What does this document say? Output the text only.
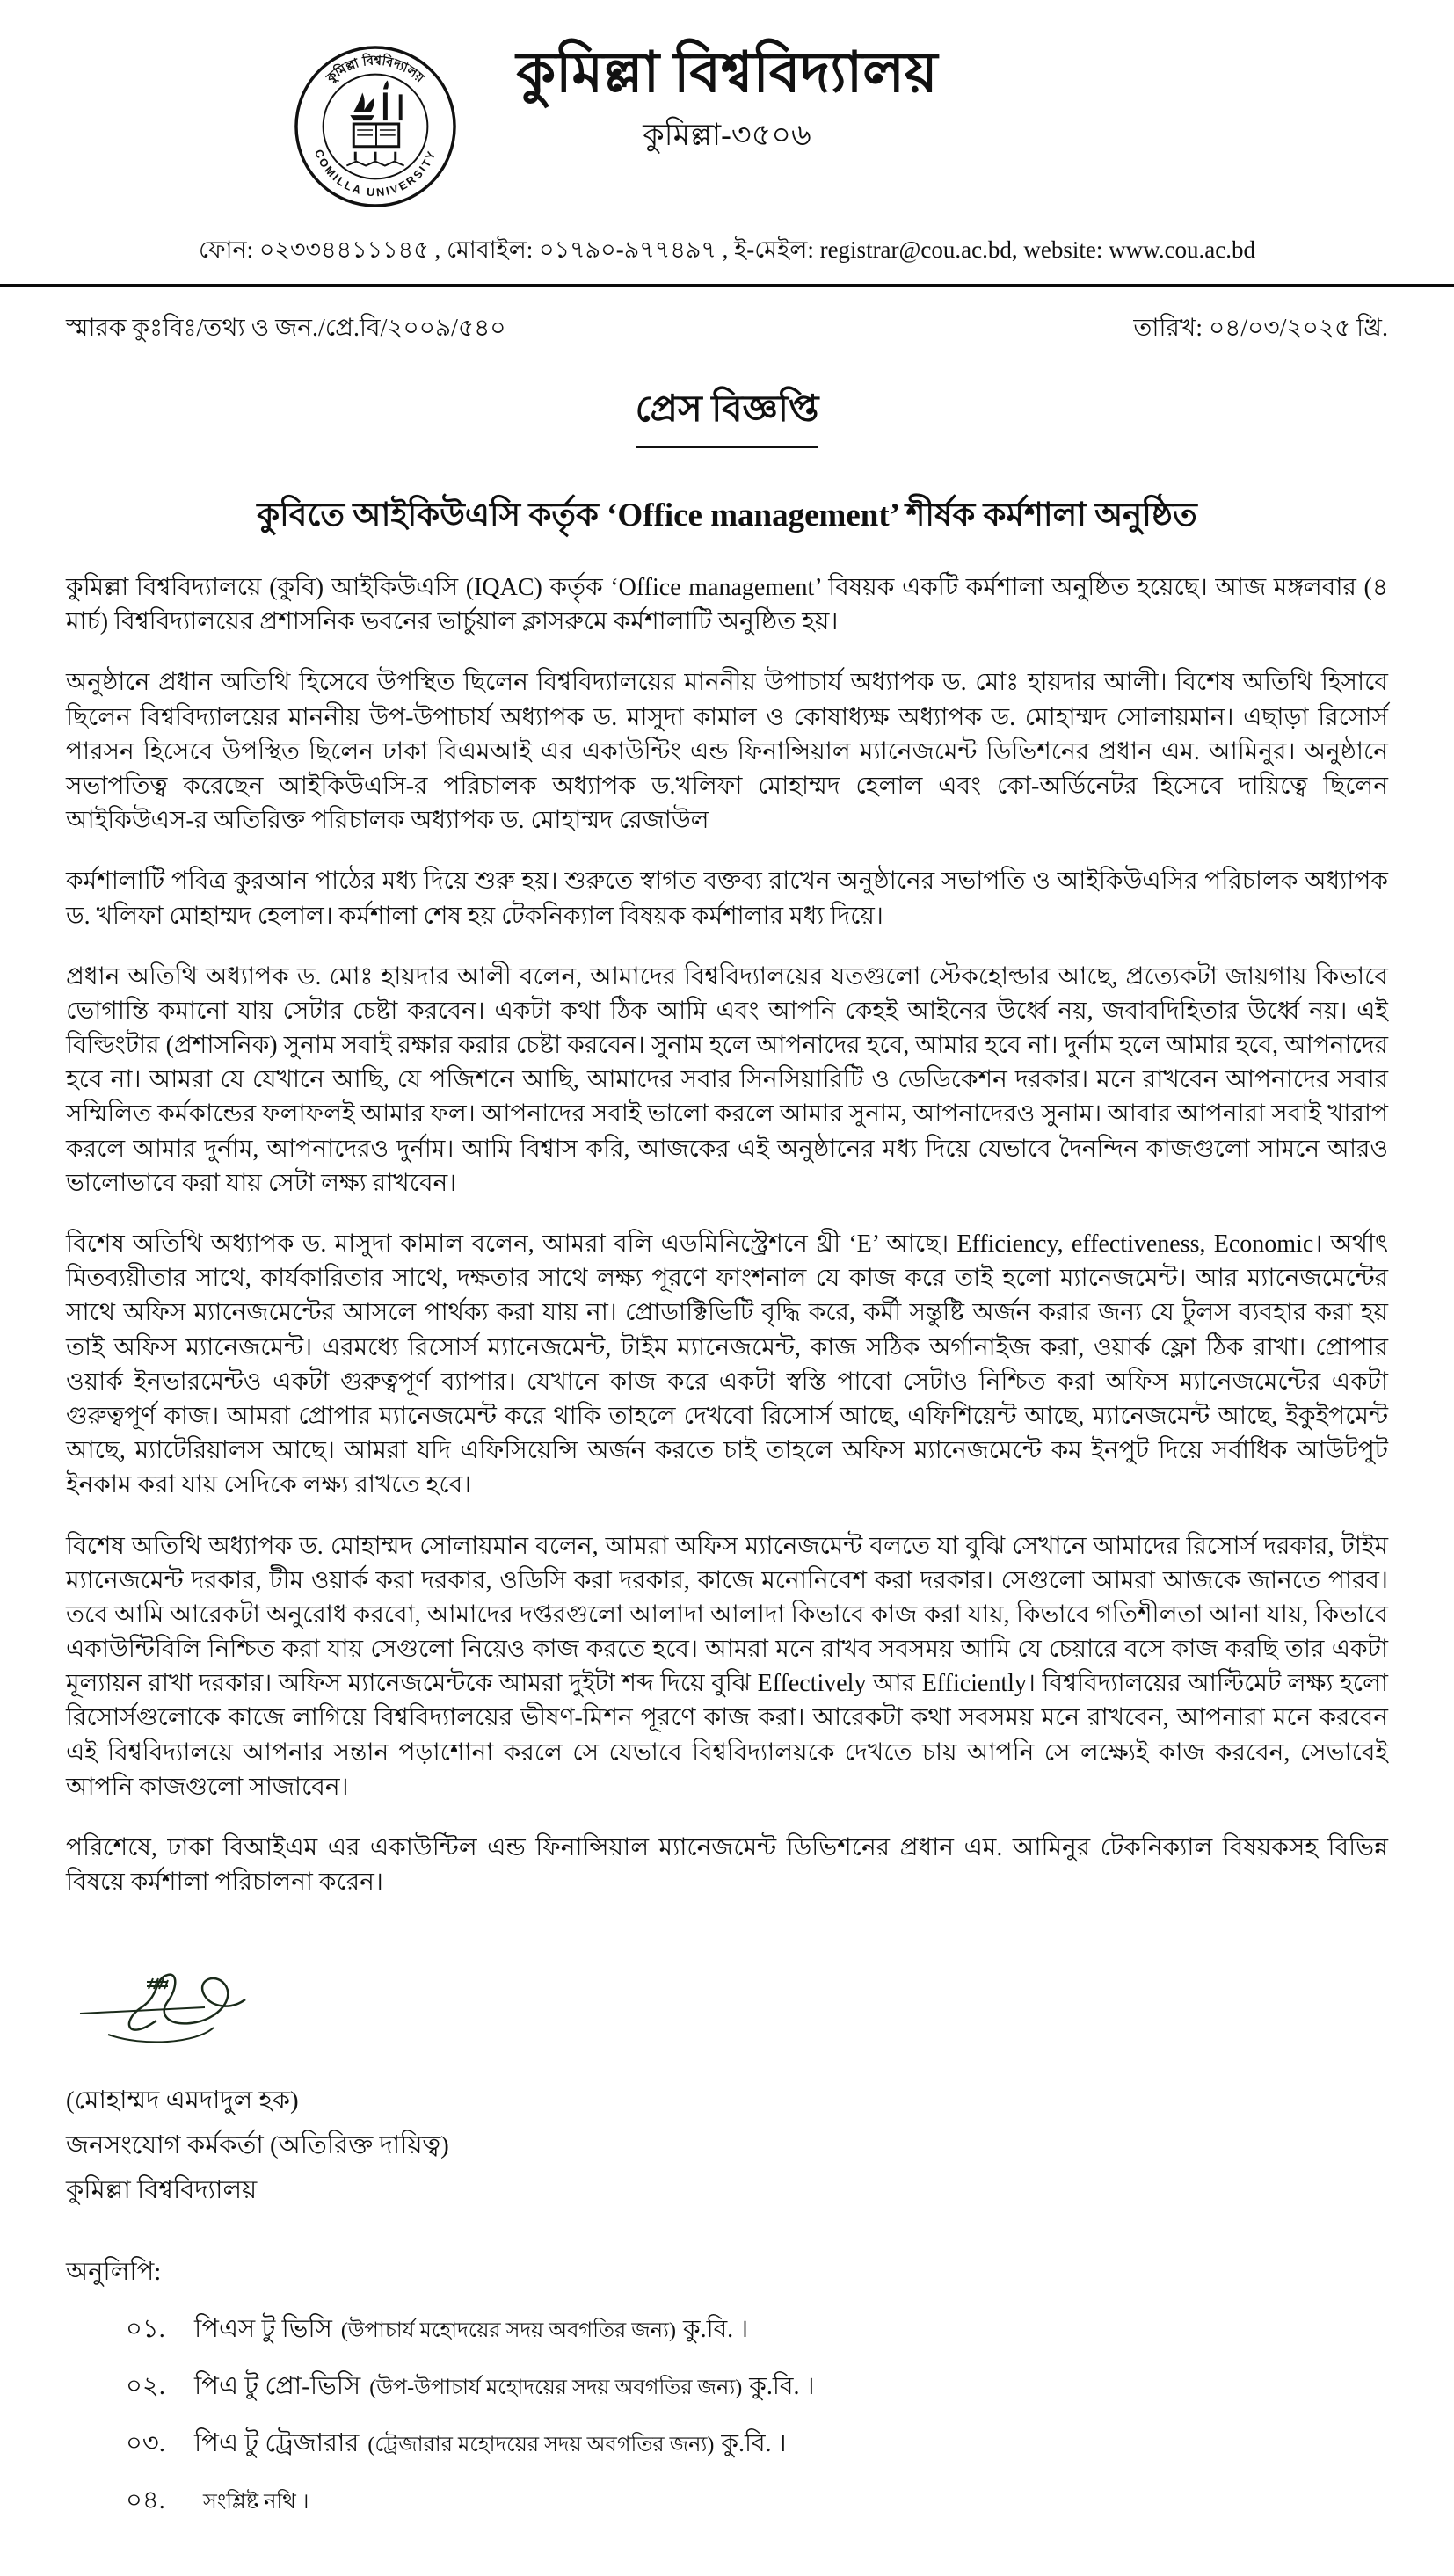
কুমিল্লা বিশ্ববিদ্যালয়
COMILLA UNIVERSITY
কুমিল্লা বিশ্ববিদ্যালয়
কুমিল্লা-৩৫০৬
ফোন: ০২৩৩৪৪১১১৪৫ , মোবাইল: ০১৭৯০-৯৭৭৪৯৭ , ই-মেইল: registrar@cou.ac.bd, website: www.cou.ac.bd
স্মারক কুঃবিঃ/তথ্য ও জন./প্রে.বি/২০০৯/৫৪০	তারিখ: ০৪/০৩/২০২৫ খ্রি.
প্রেস বিজ্ঞপ্তি
কুবিতে আইকিউএসি কর্তৃক ‘Office management’ শীর্ষক কর্মশালা অনুষ্ঠিত

কুমিল্লা বিশ্ববিদ্যালয়ে (কুবি) আইকিউএসি (IQAC) কর্তৃক ‘Office management’ বিষয়ক একটি কর্মশালা অনুষ্ঠিত হয়েছে। আজ মঙ্গলবার (৪ মার্চ) বিশ্ববিদ্যালয়ের প্রশাসনিক ভবনের ভার্চুয়াল ক্লাসরুমে কর্মশালাটি অনুষ্ঠিত হয়।

অনুষ্ঠানে প্রধান অতিথি হিসেবে উপস্থিত ছিলেন বিশ্ববিদ্যালয়ের মাননীয় উপাচার্য অধ্যাপক ড. মোঃ হায়দার আলী। বিশেষ অতিথি হিসাবে ছিলেন বিশ্ববিদ্যালয়ের মাননীয় উপ-উপাচার্য অধ্যাপক ড. মাসুদা কামাল ও কোষাধ্যক্ষ অধ্যাপক ড. মোহাম্মদ সোলায়মান। এছাড়া রিসোর্স পারসন হিসেবে উপস্থিত ছিলেন ঢাকা বিএমআই এর একাউন্টিং এন্ড ফিনান্সিয়াল ম্যানেজমেন্ট ডিভিশনের প্রধান এম. আমিনুর। অনুষ্ঠানে সভাপতিত্ব করেছেন আইকিউএসি-র পরিচালক অধ্যাপক ড.খলিফা মোহাম্মদ হেলাল এবং কো-অর্ডিনেটর হিসেবে দায়িত্বে ছিলেন আইকিউএস-র অতিরিক্ত পরিচালক অধ্যাপক ড. মোহাম্মদ রেজাউল

কর্মশালাটি পবিত্র কুরআন পাঠের মধ্য দিয়ে শুরু হয়। শুরুতে স্বাগত বক্তব্য রাখেন অনুষ্ঠানের সভাপতি ও আইকিউএসির পরিচালক অধ্যাপক ড. খলিফা মোহাম্মদ হেলাল। কর্মশালা শেষ হয় টেকনিক্যাল বিষয়ক কর্মশালার মধ্য দিয়ে।

প্রধান অতিথি অধ্যাপক ড. মোঃ হায়দার আলী বলেন, আমাদের বিশ্ববিদ্যালয়ের যতগুলো স্টেকহোল্ডার আছে, প্রত্যেকটা জায়গায় কিভাবে ভোগান্তি কমানো যায় সেটার চেষ্টা করবেন। একটা কথা ঠিক আমি এবং আপনি কেহই আইনের উর্ধ্বে নয়, জবাবদিহিতার উর্ধ্বে নয়। এই বিল্ডিংটার (প্রশাসনিক) সুনাম সবাই রক্ষার করার চেষ্টা করবেন। সুনাম হলে আপনাদের হবে, আমার হবে না। দুর্নাম হলে আমার হবে, আপনাদের হবে না। আমরা যে যেখানে আছি, যে পজিশনে আছি, আমাদের সবার সিনসিয়ারিটি ও ডেডিকেশন দরকার। মনে রাখবেন আপনাদের সবার সম্মিলিত কর্মকান্ডের ফলাফলই আমার ফল। আপনাদের সবাই ভালো করলে আমার সুনাম, আপনাদেরও সুনাম। আবার আপনারা সবাই খারাপ করলে আমার দুর্নাম, আপনাদেরও দুর্নাম। আমি বিশ্বাস করি, আজকের এই অনুষ্ঠানের মধ্য দিয়ে যেভাবে দৈনন্দিন কাজগুলো সামনে আরও ভালোভাবে করা যায় সেটা লক্ষ্য রাখবেন।

বিশেষ অতিথি অধ্যাপক ড. মাসুদা কামাল বলেন, আমরা বলি এডমিনিস্ট্রেশনে থ্রী ‘E’ আছে। Efficiency, effectiveness, Economic। অর্থাৎ মিতব্যয়ীতার সাথে, কার্যকারিতার সাথে, দক্ষতার সাথে লক্ষ্য পূরণে ফাংশনাল যে কাজ করে তাই হলো ম্যানেজমেন্ট। আর ম্যানেজমেন্টের সাথে অফিস ম্যানেজমেন্টের আসলে পার্থক্য করা যায় না। প্রোডাক্টিভিটি বৃদ্ধি করে, কর্মী সন্তুষ্টি অর্জন করার জন্য যে টুলস ব্যবহার করা হয় তাই অফিস ম্যানেজমেন্ট। এরমধ্যে রিসোর্স ম্যানেজমেন্ট, টাইম ম্যানেজমেন্ট, কাজ সঠিক অর্গানাইজ করা, ওয়ার্ক ফ্লো ঠিক রাখা। প্রোপার ওয়ার্ক ইনভারমেন্টও একটা গুরুত্বপূর্ণ ব্যাপার। যেখানে কাজ করে একটা স্বস্তি পাবো সেটাও নিশ্চিত করা অফিস ম্যানেজমেন্টের একটা গুরুত্বপূর্ণ কাজ। আমরা প্রোপার ম্যানেজমেন্ট করে থাকি তাহলে দেখবো রিসোর্স আছে, এফিশিয়েন্ট আছে, ম্যানেজমেন্ট আছে, ইকুইপমেন্ট আছে, ম্যাটেরিয়ালস আছে। আমরা যদি এফিসিয়েন্সি অর্জন করতে চাই তাহলে অফিস ম্যানেজমেন্টে কম ইনপুট দিয়ে সর্বাধিক আউটপুট ইনকাম করা যায় সেদিকে লক্ষ্য রাখতে হবে।

বিশেষ অতিথি অধ্যাপক ড. মোহাম্মদ সোলায়মান বলেন, আমরা অফিস ম্যানেজমেন্ট বলতে যা বুঝি সেখানে আমাদের রিসোর্স দরকার, টাইম ম্যানেজমেন্ট দরকার, টীম ওয়ার্ক করা দরকার, ওডিসি করা দরকার, কাজে মনোনিবেশ করা দরকার। সেগুলো আমরা আজকে জানতে পারব। তবে আমি আরেকটা অনুরোধ করবো, আমাদের দপ্তরগুলো আলাদা আলাদা কিভাবে কাজ করা যায়, কিভাবে গতিশীলতা আনা যায়, কিভাবে একাউন্টিবিলি নিশ্চিত করা যায় সেগুলো নিয়েও কাজ করতে হবে। আমরা মনে রাখব সবসময় আমি যে চেয়ারে বসে কাজ করছি তার একটা মূল্যায়ন রাখা দরকার। অফিস ম্যানেজমেন্টকে আমরা দুইটা শব্দ দিয়ে বুঝি Effectively আর Efficiently। বিশ্ববিদ্যালয়ের আল্টিমেট লক্ষ্য হলো রিসোর্সগুলোকে কাজে লাগিয়ে বিশ্ববিদ্যালয়ের ভীষণ-মিশন পূরণে কাজ করা। আরেকটা কথা সবসময় মনে রাখবেন, আপনারা মনে করবেন এই বিশ্ববিদ্যালয়ে আপনার সন্তান পড়াশোনা করলে সে যেভাবে বিশ্ববিদ্যালয়কে দেখতে চায় আপনি সে লক্ষ্যেই কাজ করবেন, সেভাবেই আপনি কাজগুলো সাজাবেন।

পরিশেষে, ঢাকা বিআইএম এর একাউন্টিল এন্ড ফিনান্সিয়াল ম্যানেজমেন্ট ডিভিশনের প্রধান এম. আমিনুর টেকনিক্যাল বিষয়কসহ বিভিন্ন বিষয়ে কর্মশালা পরিচালনা করেন।

(মোহাম্মদ এমদাদুল হক)
জনসংযোগ কর্মকর্তা (অতিরিক্ত দায়িত্ব)
কুমিল্লা বিশ্ববিদ্যালয়
অনুলিপি:
০১.	পিএস টু ভিসি (উপাচার্য মহোদয়ের সদয় অবগতির জন্য) কু.বি. ।
০২.	পিএ টু প্রো-ভিসি (উপ-উপাচার্য মহোদয়ের সদয় অবগতির জন্য) কু.বি. ।
০৩.	পিএ টু ট্রেজারার (ট্রেজারার মহোদয়ের সদয় অবগতির জন্য) কু.বি. ।
০৪.	সংশ্লিষ্ট নথি ।
